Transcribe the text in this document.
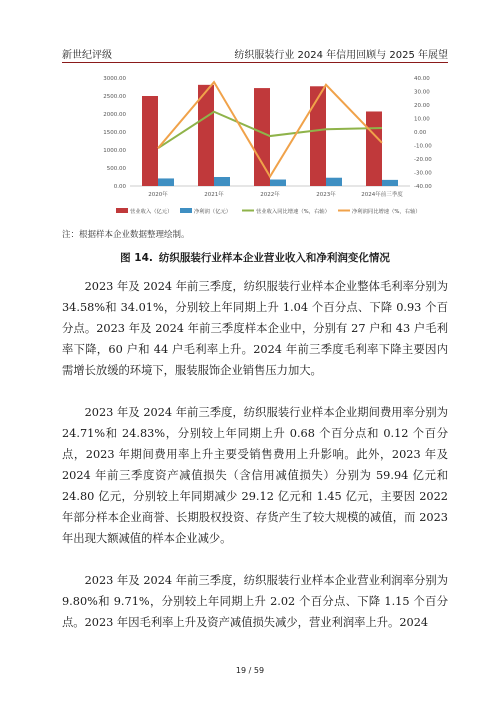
新世纪评级	纺织服装行业 2024 年信用回顾与 2025 年展望
3000.00
2500.00
2000.00
1500.00
1000.00
500.00
0.00
40.00
30.00
20.00
10.00
0.00
-10.00
-20.00
-30.00
-40.00
2020年	2021年	2022年	2023年	2024年前三季度
营业收入（亿元）	净利润（亿元）	营业收入同比增速（%，右轴）	净利润同比增速（%，右轴）
注：根据样本企业数据整理绘制。
图 14. 纺织服装行业样本企业营业收入和净利润变化情况

2023 年及 2024 年前三季度，纺织服装行业样本企业整体毛利率分别为 34.58%和 34.01%，分别较上年同期上升 1.04 个百分点、下降 0.93 个百分点。2023 年及 2024 年前三季度样本企业中，分别有 27 户和 43 户毛利率下降，60 户和 44 户毛利率上升。2024 年前三季度毛利率下降主要因内需增长放缓的环境下，服装服饰企业销售压力加大。

2023 年及 2024 年前三季度，纺织服装行业样本企业期间费用率分别为 24.71%和 24.83%，分别较上年同期上升 0.68 个百分点和 0.12 个百分点，2023 年期间费用率上升主要受销售费用上升影响。此外，2023 年及 2024 年前三季度资产减值损失（含信用减值损失）分别为 59.94 亿元和 24.80 亿元，分别较上年同期减少 29.12 亿元和 1.45 亿元，主要因 2022 年部分样本企业商誉、长期股权投资、存货产生了较大规模的减值，而 2023 年出现大额减值的样本企业减少。

2023 年及 2024 年前三季度，纺织服装行业样本企业营业利润率分别为 9.80%和 9.71%，分别较上年同期上升 2.02 个百分点、下降 1.15 个百分点。2023 年因毛利率上升及资产减值损失减少，营业利润率上升。2024

19 / 59
